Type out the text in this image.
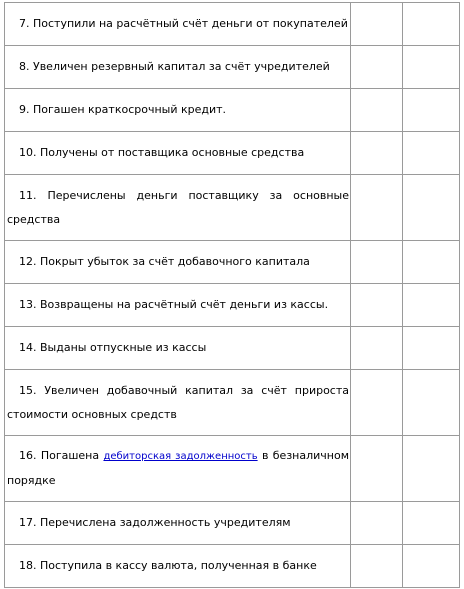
7. Поступили на расчётный счёт деньги от покупателей		

8. Увеличен резервный капитал за счёт учредителей		

9. Погашен краткосрочный кредит.		

10. Получены от поставщика основные средства		

11. Перечислены деньги поставщику за основные средства		

12. Покрыт убыток за счёт добавочного капитала		

13. Возвращены на расчётный счёт деньги из кассы.		

14. Выданы отпускные из кассы		

15. Увеличен добавочный капитал за счёт прироста стоимости основных средств		

16. Погашена дебиторская задолженность в безналичном порядке		

17. Перечислена задолженность учредителям		

18. Поступила в кассу валюта, полученная в банке		
